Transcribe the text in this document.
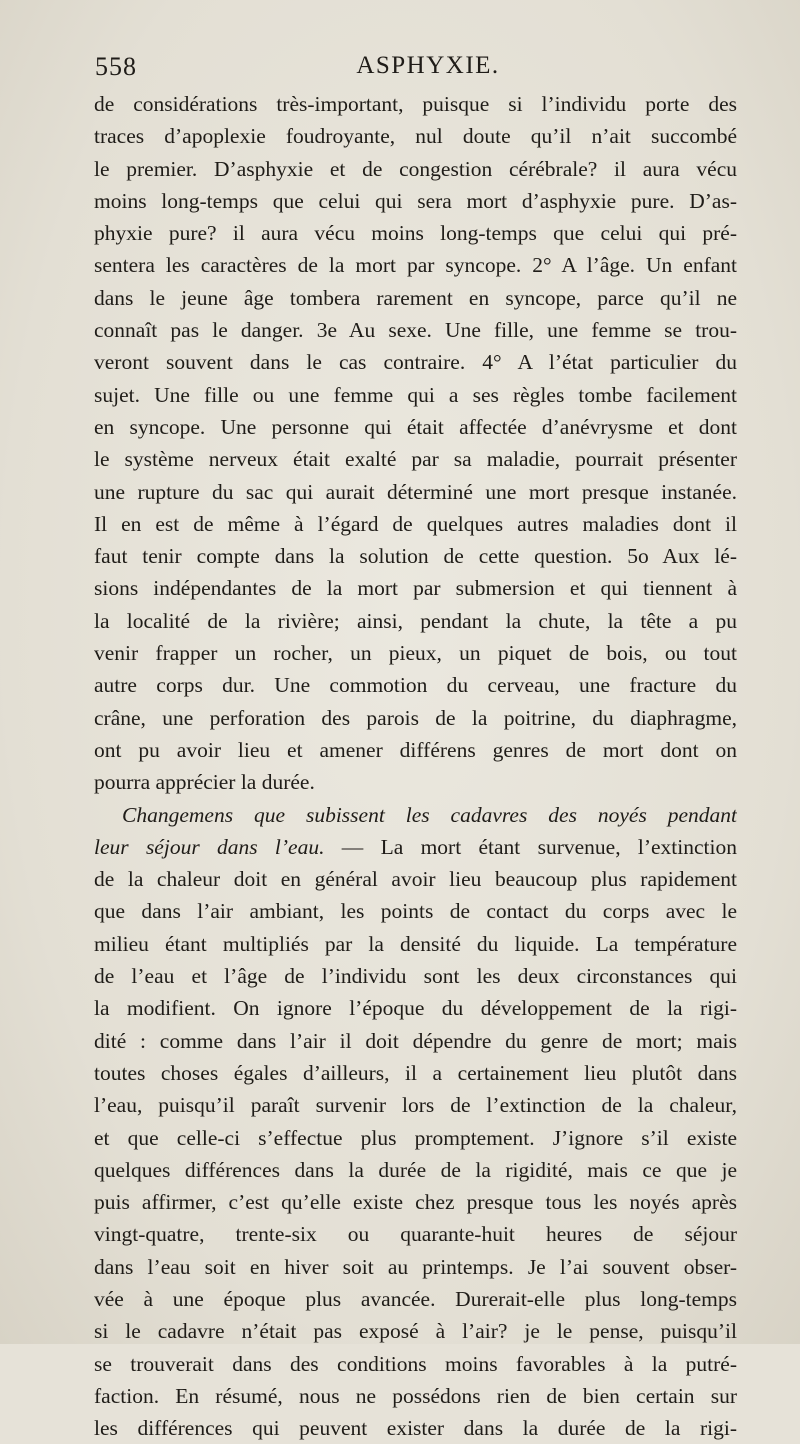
558	ASPHYXIE.
de considérations très-important, puisque si l’individu porte des
traces d’apoplexie foudroyante, nul doute qu’il n’ait succombé
le premier. D’asphyxie et de congestion cérébrale? il aura vécu
moins long-temps que celui qui sera mort d’asphyxie pure. D’as-
phyxie pure? il aura vécu moins long-temps que celui qui pré-
sentera les caractères de la mort par syncope. 2° A l’âge. Un enfant
dans le jeune âge tombera rarement en syncope, parce qu’il ne
connaît pas le danger. 3e Au sexe. Une fille, une femme se trou-
veront souvent dans le cas contraire. 4° A l’état particulier du
sujet. Une fille ou une femme qui a ses règles tombe facilement
en syncope. Une personne qui était affectée d’anévrysme et dont
le système nerveux était exalté par sa maladie, pourrait présenter
une rupture du sac qui aurait déterminé une mort presque instanée.
Il en est de même à l’égard de quelques autres maladies dont il
faut tenir compte dans la solution de cette question. 5o Aux lé-
sions indépendantes de la mort par submersion et qui tiennent à
la localité de la rivière; ainsi, pendant la chute, la tête a pu
venir frapper un rocher, un pieux, un piquet de bois, ou tout
autre corps dur. Une commotion du cerveau, une fracture du
crâne, une perforation des parois de la poitrine, du diaphragme,
ont pu avoir lieu et amener différens genres de mort dont on
pourra apprécier la durée.
Changemens que subissent les cadavres des noyés pendant
leur séjour dans l’eau. — La mort étant survenue, l’extinction
de la chaleur doit en général avoir lieu beaucoup plus rapidement
que dans l’air ambiant, les points de contact du corps avec le
milieu étant multipliés par la densité du liquide. La température
de l’eau et l’âge de l’individu sont les deux circonstances qui
la modifient. On ignore l’époque du développement de la rigi-
dité : comme dans l’air il doit dépendre du genre de mort; mais
toutes choses égales d’ailleurs, il a certainement lieu plutôt dans
l’eau, puisqu’il paraît survenir lors de l’extinction de la chaleur,
et que celle-ci s’effectue plus promptement. J’ignore s’il existe
quelques différences dans la durée de la rigidité, mais ce que je
puis affirmer, c’est qu’elle existe chez presque tous les noyés après
vingt-quatre, trente-six ou quarante-huit heures de séjour
dans l’eau soit en hiver soit au printemps. Je l’ai souvent obser-
vée à une époque plus avancée. Durerait-elle plus long-temps
si le cadavre n’était pas exposé à l’air? je le pense, puisqu’il
se trouverait dans des conditions moins favorables à la putré-
faction. En résumé, nous ne possédons rien de bien certain sur
les différences qui peuvent exister dans la durée de la rigi-
